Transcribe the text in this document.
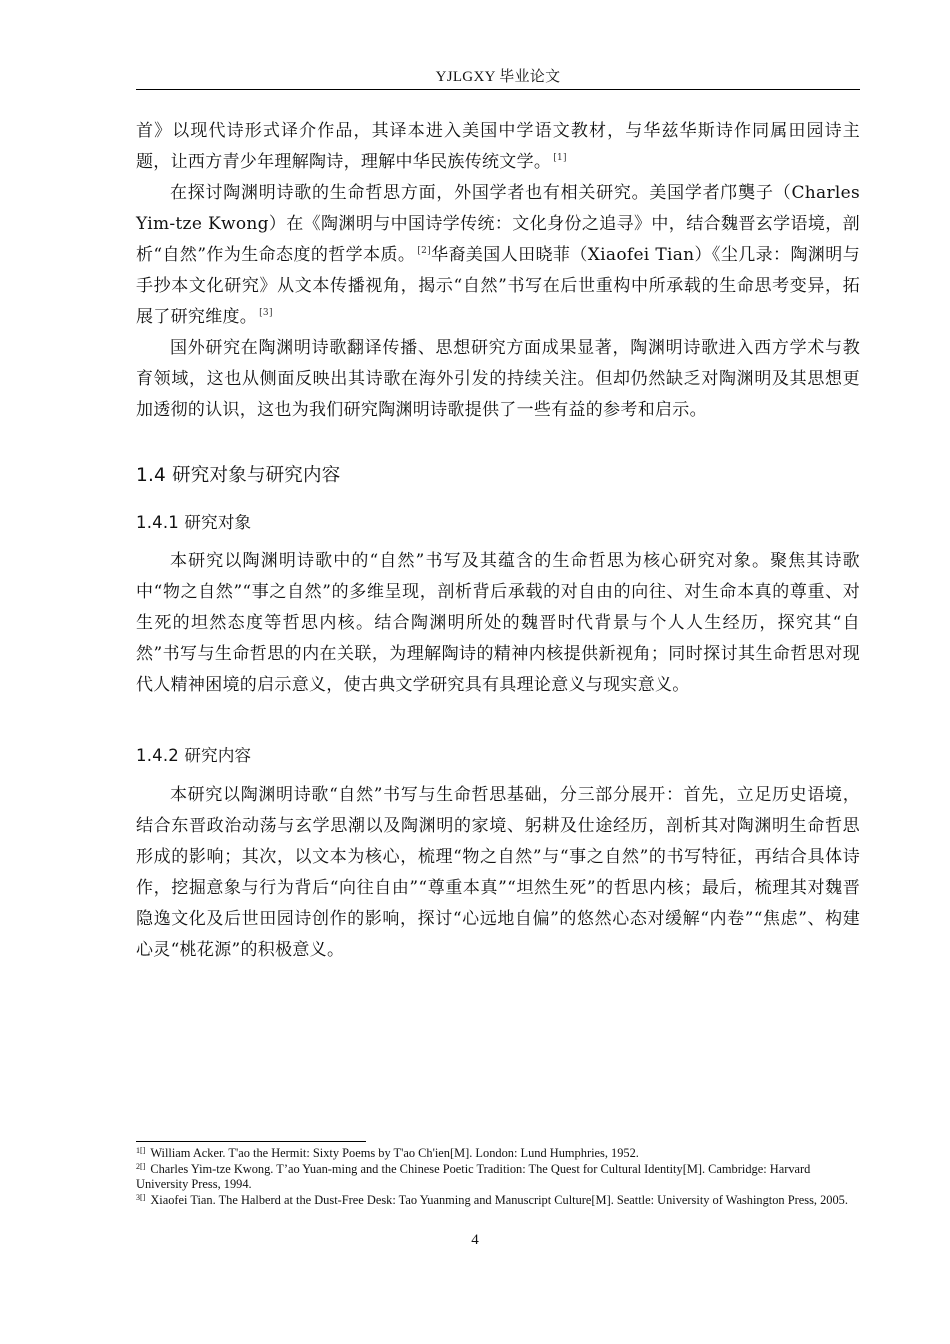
YJLGXY 毕业论文

首》以现代诗形式译介作品，其译本进入美国中学语文教材，与华兹华斯诗作同属田园诗主题，让西方青少年理解陶诗，理解中华民族传统文学。 [1]

在探讨陶渊明诗歌的生命哲思方面，外国学者也有相关研究。美国学者邝龑子（Charles Yim-tze Kwong）在《陶渊明与中国诗学传统：文化身份之追寻》中，结合魏晋玄学语境，剖析“自然”作为生命态度的哲学本质。 [2]华裔美国人田晓菲（Xiaofei Tian）《尘几录：陶渊明与手抄本文化研究》从文本传播视角，揭示“自然”书写在后世重构中所承载的生命思考变异，拓展了研究维度。 [3]

国外研究在陶渊明诗歌翻译传播、思想研究方面成果显著，陶渊明诗歌进入西方学术与教育领域，这也从侧面反映出其诗歌在海外引发的持续关注。但却仍然缺乏对陶渊明及其思想更加透彻的认识，这也为我们研究陶渊明诗歌提供了一些有益的参考和启示。

1.4 研究对象与研究内容
1.4.1 研究对象

本研究以陶渊明诗歌中的“自然”书写及其蕴含的生命哲思为核心研究对象。聚焦其诗歌中“物之自然”“事之自然”的多维呈现，剖析背后承载的对自由的向往、对生命本真的尊重、对生死的坦然态度等哲思内核。结合陶渊明所处的魏晋时代背景与个人人生经历，探究其“自然”书写与生命哲思的内在关联，为理解陶诗的精神内核提供新视角；同时探讨其生命哲思对现代人精神困境的启示意义，使古典文学研究具有具理论意义与现实意义。

1.4.2 研究内容

本研究以陶渊明诗歌“自然”书写与生命哲思基础，分三部分展开：首先，立足历史语境，结合东晋政治动荡与玄学思潮以及陶渊明的家境、躬耕及仕途经历，剖析其对陶渊明生命哲思形成的影响；其次，以文本为核心，梳理“物之自然”与“事之自然”的书写特征，再结合具体诗作，挖掘意象与行为背后“向往自由”“尊重本真”“坦然生死”的哲思内核；最后，梳理其对魏晋隐逸文化及后世田园诗创作的影响，探讨“心远地自偏”的悠然心态对缓解“内卷”“焦虑”、构建心灵“桃花源”的积极意义。

$^{1[]}$ William Acker. T'ao the Hermit: Sixty Poems by T'ao Ch'ien[M]. London: Lund Humphries, 1952.
$^{2[]}$ Charles Yim-tze Kwong. T’ao Yuan-ming and the Chinese Poetic Tradition: The Quest for Cultural Identity[M]. Cambridge: Harvard University Press, 1994.
$^{3[]}$ Xiaofei Tian. The Halberd at the Dust-Free Desk: Tao Yuanming and Manuscript Culture[M]. Seattle: University of Washington Press, 2005.
4
